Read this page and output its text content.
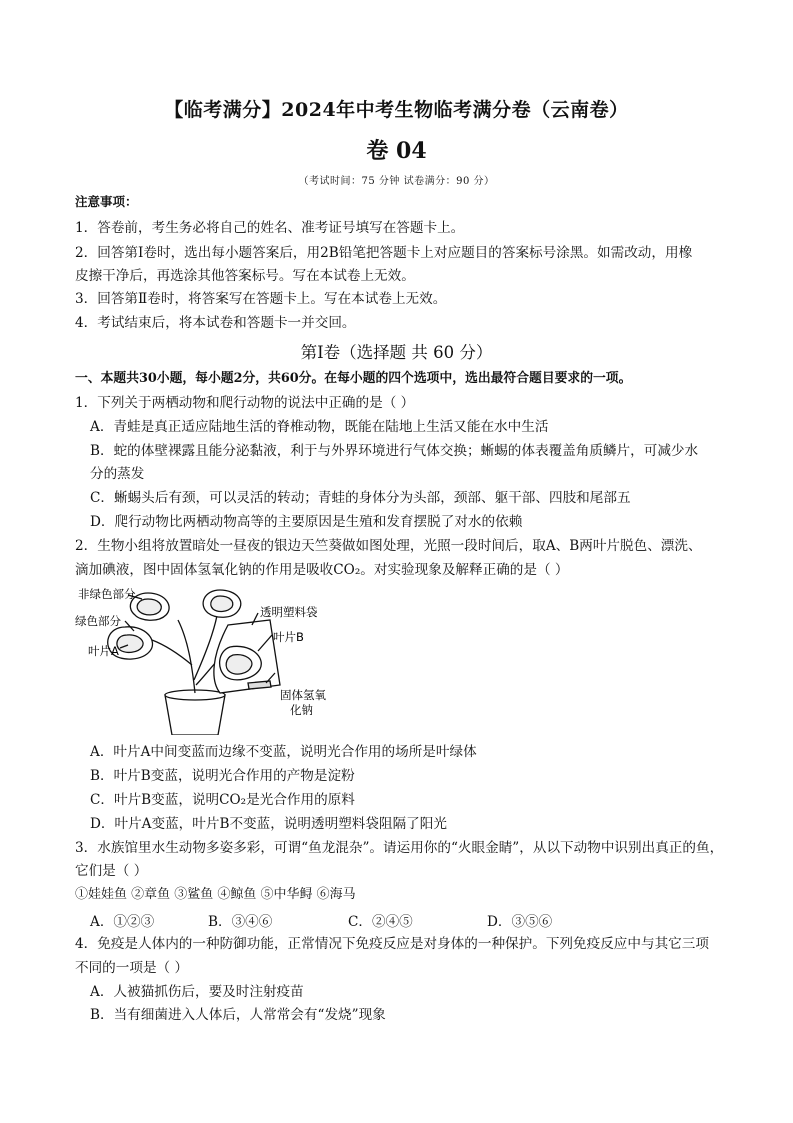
【临考满分】2024年中考生物临考满分卷（云南卷）
卷 04
（考试时间：75 分钟 试卷满分：90 分）
注意事项：
1．答卷前，考生务必将自己的姓名、准考证号填写在答题卡上。
2．回答第Ⅰ卷时，选出每小题答案后，用2B铅笔把答题卡上对应题目的答案标号涂黑。如需改动，用橡
皮擦干净后，再选涂其他答案标号。写在本试卷上无效。
3．回答第Ⅱ卷时，将答案写在答题卡上。写在本试卷上无效。
4．考试结束后，将本试卷和答题卡一并交回。
第Ⅰ卷（选择题 共 60 分）
一、本题共30小题，每小题2分，共60分。在每小题的四个选项中，选出最符合题目要求的一项。
1．下列关于两栖动物和爬行动物的说法中正确的是（ ）
A．青蛙是真正适应陆地生活的脊椎动物，既能在陆地上生活又能在水中生活
B．蛇的体壁裸露且能分泌黏液，利于与外界环境进行气体交换；蜥蜴的体表覆盖角质鳞片，可减少水
分的蒸发
C．蜥蜴头后有颈，可以灵活的转动；青蛙的身体分为头部，颈部、躯干部、四肢和尾部五
D．爬行动物比两栖动物高等的主要原因是生殖和发育摆脱了对水的依赖
2．生物小组将放置暗处一昼夜的银边天竺葵做如图处理，光照一段时间后，取A、B两叶片脱色、漂洗、
滴加碘液，图中固体氢氧化钠的作用是吸收CO₂。对实验现象及解释正确的是（ ）
非绿色部分
绿色部分
叶片A
透明塑料袋
叶片B
固体氢氧
化钠
A．叶片A中间变蓝而边缘不变蓝，说明光合作用的场所是叶绿体
B．叶片B变蓝，说明光合作用的产物是淀粉
C．叶片B变蓝，说明CO₂是光合作用的原料
D．叶片A变蓝，叶片B不变蓝，说明透明塑料袋阻隔了阳光
3．水族馆里水生动物多姿多彩，可谓“鱼龙混杂”。请运用你的“火眼金睛”，从以下动物中识别出真正的鱼，
它们是（ ）
①娃娃鱼 ②章鱼 ③鲨鱼 ④鲸鱼 ⑤中华鲟 ⑥海马
A．①②③	B．③④⑥	C．②④⑤	D．③⑤⑥
4．免疫是人体内的一种防御功能，正常情况下免疫反应是对身体的一种保护。下列免疫反应中与其它三项
不同的一项是（ ）
A．人被猫抓伤后，要及时注射疫苗
B．当有细菌进入人体后，人常常会有“发烧”现象
